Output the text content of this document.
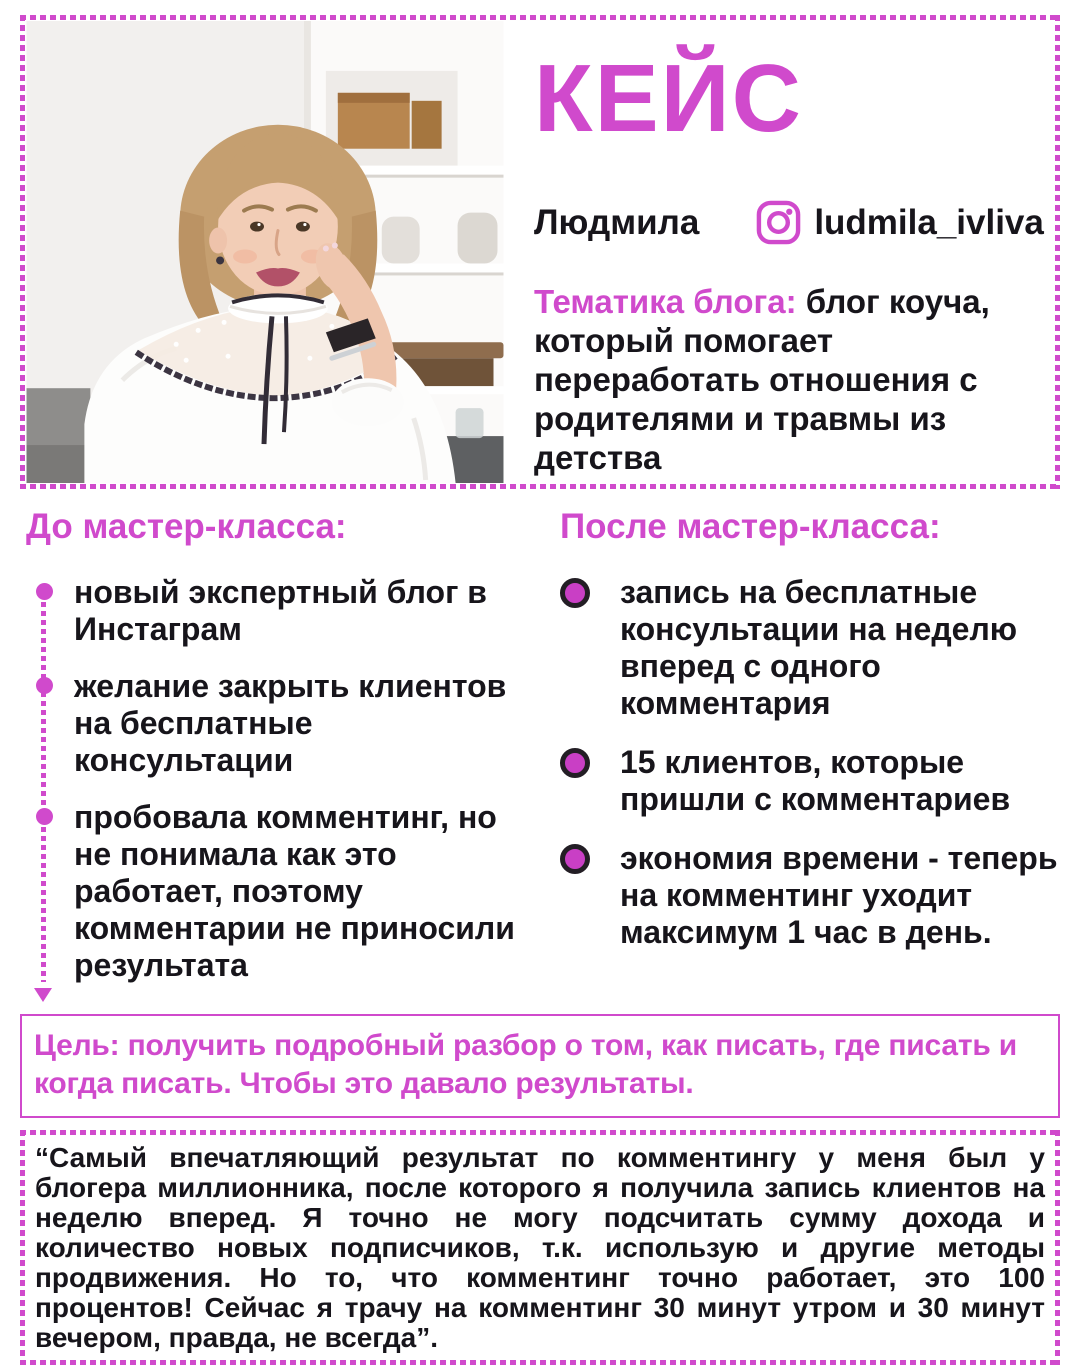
КЕЙС
Людмила	ludmila_ivliva

Тематика блога: блог коуча, который помогает переработать отношения с родителями и травмы из детства

До мастер-класса:
новый экспертный блог в Инстаграм
желание закрыть клиентов на бесплатные консультации
пробовала комментинг, но не понимала как это работает, поэтому комментарии не приносили результата
После мастер-класса:
запись на бесплатные консультации на неделю вперед с одного комментария
15 клиентов, которые пришли с комментариев
экономия времени - теперь на комментинг уходит максимум 1 час в день.
Цель: получить подробный разбор о том, как писать, где писать и когда писать. Чтобы это давало результаты.

“Самый впечатляющий результат по комментингу у меня был у блогера миллионника, после которого я получила запись клиентов на неделю вперед. Я точно не могу подсчитать сумму дохода и количество новых подписчиков, т.к. использую и другие методы продвижения. Но то, что комментинг точно работает, это 100 процентов! Сейчас я трачу на комментинг 30 минут утром и 30 минут вечером, правда, не всегда”.
